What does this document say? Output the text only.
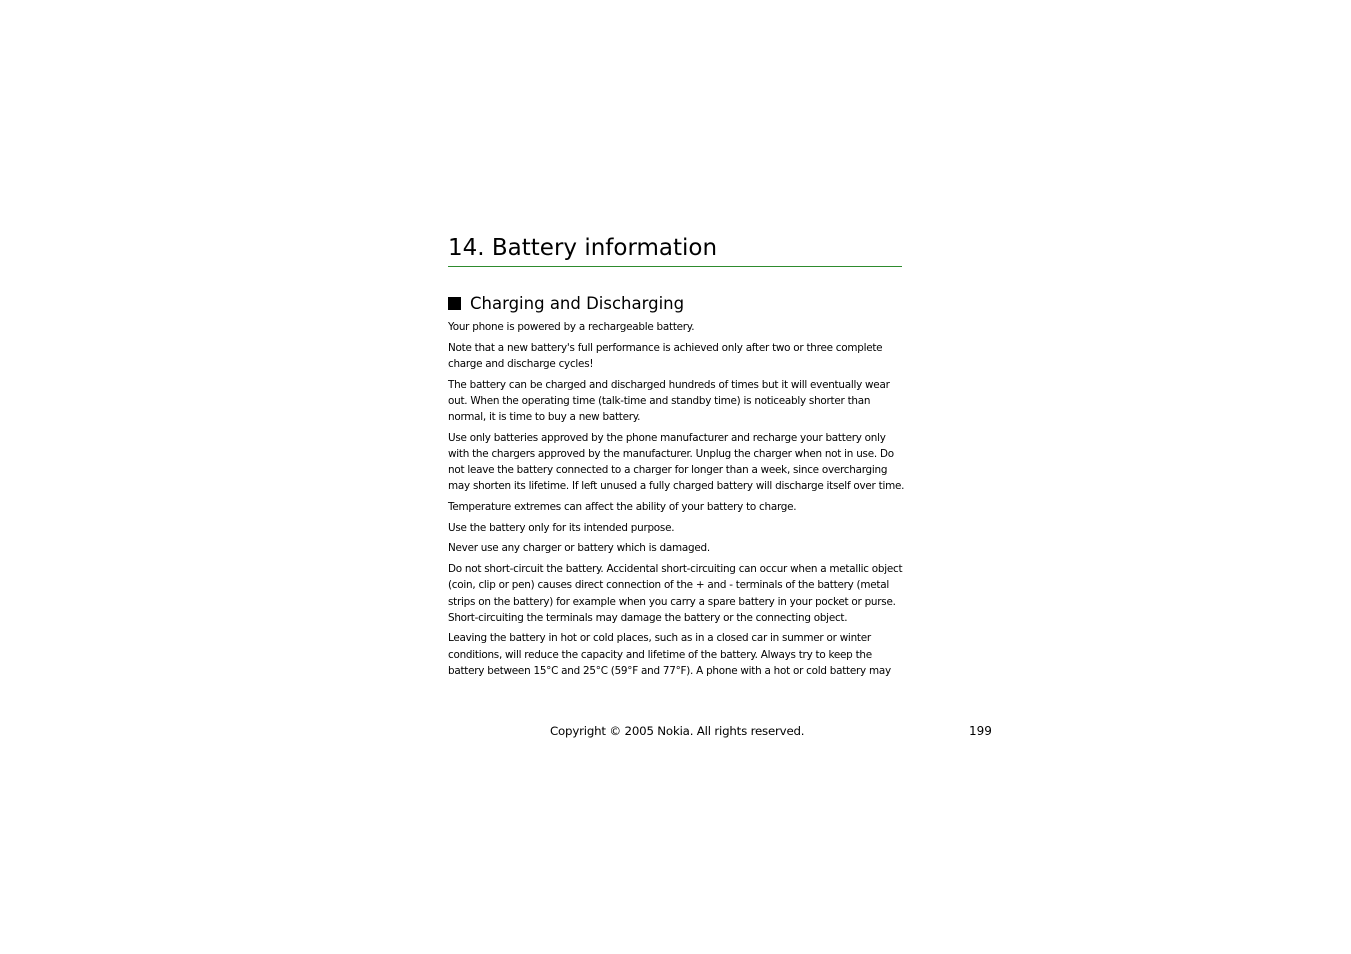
14. Battery information
Charging and Discharging

Your phone is powered by a rechargeable battery.

Note that a new battery's full performance is achieved only after two or three complete charge and discharge cycles!

The battery can be charged and discharged hundreds of times but it will eventually wear out. When the operating time (talk-time and standby time) is noticeably shorter than normal, it is time to buy a new battery.

Use only batteries approved by the phone manufacturer and recharge your battery only with the chargers approved by the manufacturer. Unplug the charger when not in use. Do not leave the battery connected to a charger for longer than a week, since overcharging may shorten its lifetime. If left unused a fully charged battery will discharge itself over time.

Temperature extremes can affect the ability of your battery to charge.

Use the battery only for its intended purpose.

Never use any charger or battery which is damaged.

Do not short-circuit the battery. Accidental short-circuiting can occur when a metallic object (coin, clip or pen) causes direct connection of the + and - terminals of the battery (metal strips on the battery) for example when you carry a spare battery in your pocket or purse. Short-circuiting the terminals may damage the battery or the connecting object.

Leaving the battery in hot or cold places, such as in a closed car in summer or winter conditions, will reduce the capacity and lifetime of the battery. Always try to keep the battery between 15°C and 25°C (59°F and 77°F). A phone with a hot or cold battery may

Copyright © 2005 Nokia. All rights reserved.	199
